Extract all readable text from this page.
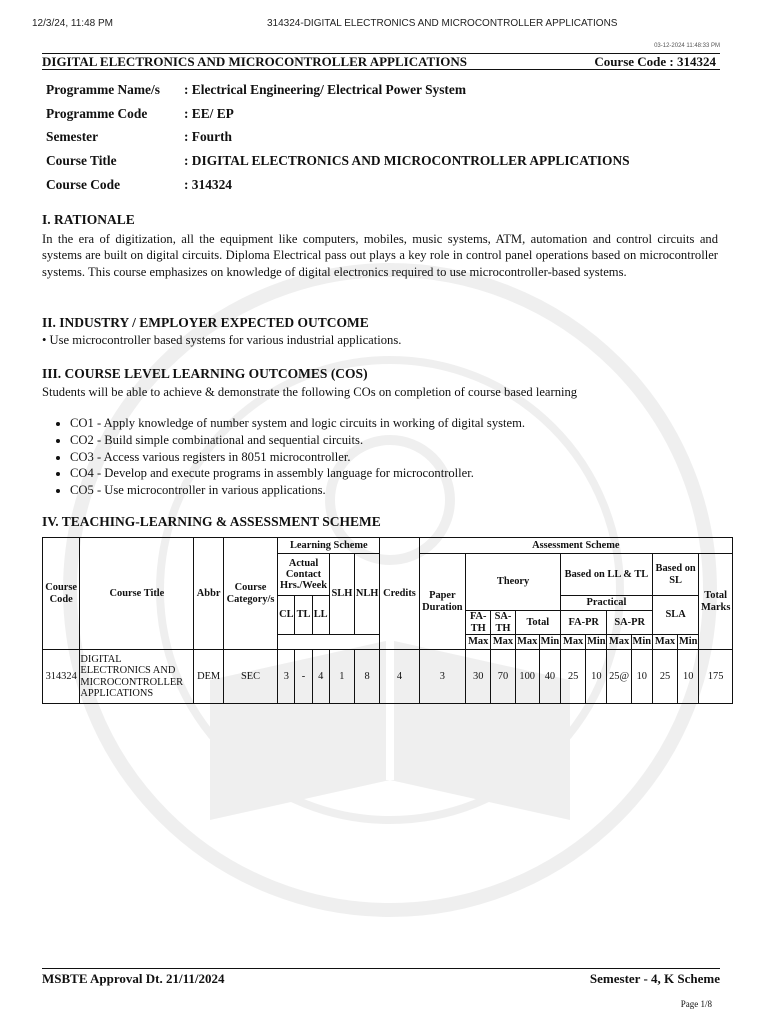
12/3/24, 11:48 PM	314324-DIGITAL ELECTRONICS AND MICROCONTROLLER APPLICATIONS
03-12-2024 11:48:33 PM
DIGITAL ELECTRONICS AND MICROCONTROLLER APPLICATIONS	Course Code : 314324
Programme Name/s	: Electrical Engineering/ Electrical Power System
Programme Code	: EE/ EP
Semester	: Fourth
Course Title	: DIGITAL ELECTRONICS AND MICROCONTROLLER APPLICATIONS
Course Code	: 314324
I. RATIONALE
In the era of digitization, all the equipment like computers, mobiles, music systems, ATM, automation and control circuits and systems are built on digital circuits. Diploma Electrical pass out plays a key role in control panel operations based on microcontroller systems. This course emphasizes on knowledge of digital electronics required to use microcontroller-based systems.
II. INDUSTRY / EMPLOYER EXPECTED OUTCOME
• Use microcontroller based systems for various industrial applications.
III. COURSE LEVEL LEARNING OUTCOMES (COS)
Students will be able to achieve & demonstrate the following COs on completion of course based learning
• CO1 - Apply knowledge of number system and logic circuits in working of digital system.
• CO2 - Build simple combinational and sequential circuits.
• CO3 - Access various registers in 8051 microcontroller.
• CO4 - Develop and execute programs in assembly language for microcontroller.
• CO5 - Use microcontroller in various applications.
IV. TEACHING-LEARNING & ASSESSMENT SCHEME
Course Code	Course Title	Abbr	Course Category/s	Learning Scheme					Credits	Assessment Scheme											
				Actual Contact Hrs./Week			SLH	NLH		Paper Duration	Theory				Based on LL & TL				Based on SL		Total Marks

				CL	TL	LL									Practical				SLA		
											FA-TH	SA-TH	Total		FA-PR		SA-PR				
											Max	Max	Max	Min	Max	Min	Max	Min	Max	Min	
314324	DIGITAL ELECTRONICS AND MICROCONTROLLER APPLICATIONS	DEM	SEC	3	-	4	1	8	4	3	30	70	100	40	25	10	25@	10	25	10	175
MSBTE Approval Dt. 21/11/2024	Semester - 4, K Scheme
Page 1/8
